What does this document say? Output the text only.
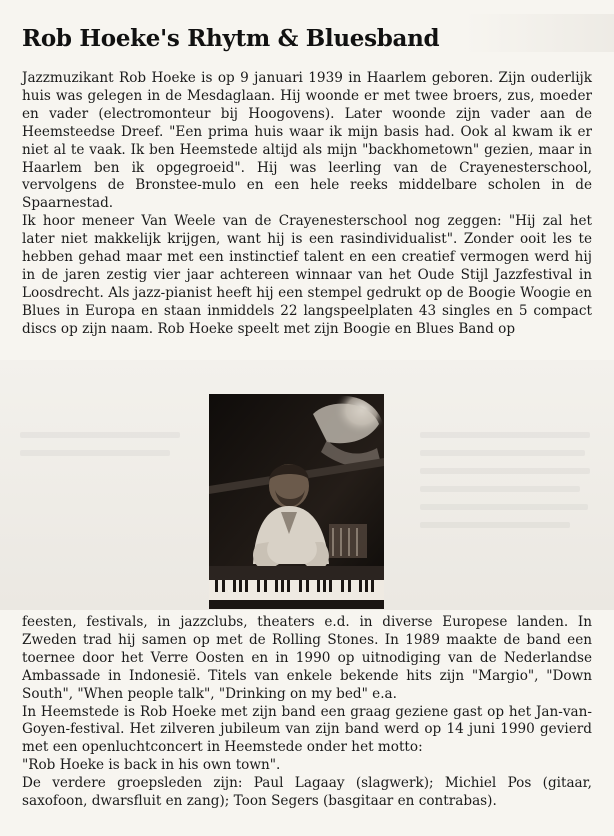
Rob Hoeke's Rhytm & Bluesband

Jazzmuzikant Rob Hoeke is op 9 januari 1939 in Haarlem geboren. Zijn ouderlijk huis was gelegen in de Mesdaglaan. Hij woonde er met twee broers, zus, moeder en vader (electromonteur bij Hoogovens). Later woonde zijn vader aan de Heemsteedse Dreef. "Een prima huis waar ik mijn basis had. Ook al kwam ik er niet al te vaak. Ik ben Heemstede altijd als mijn "backhometown" gezien, maar in Haarlem ben ik opgegroeid". Hij was leerling van de Crayenesterschool, vervolgens de Bronstee-mulo en een hele reeks middelbare scholen in de Spaarnestad.

Ik hoor meneer Van Weele van de Crayenesterschool nog zeggen: "Hij zal het later niet makkelijk krijgen, want hij is een rasindividualist". Zonder ooit les te hebben gehad maar met een instinctief talent en een creatief vermogen werd hij in de jaren zestig vier jaar achtereen winnaar van het Oude Stijl Jazzfestival in Loosdrecht. Als jazz-pianist heeft hij een stempel gedrukt op de Boogie Woogie en Blues in Europa en staan inmiddels 22 langspeelplaten 43 singles en 5 compact discs op zijn naam. Rob Hoeke speelt met zijn Boogie en Blues Band op

feesten, festivals, in jazzclubs, theaters e.d. in diverse Europese landen. In Zweden trad hij samen op met de Rolling Stones. In 1989 maakte de band een toernee door het Verre Oosten en in 1990 op uitnodiging van de Nederlandse Ambassade in Indonesië. Titels van enkele bekende hits zijn "Margio", "Down South", "When people talk", "Drinking on my bed" e.a.

In Heemstede is Rob Hoeke met zijn band een graag geziene gast op het Jan-van-Goyen-festival. Het zilveren jubileum van zijn band werd op 14 juni 1990 gevierd met een openluchtconcert in Heemstede onder het motto:

"Rob Hoeke is back in his own town".

De verdere groepsleden zijn: Paul Lagaay (slagwerk); Michiel Pos (gitaar, saxofoon, dwarsfluit en zang); Toon Segers (basgitaar en contrabas).
